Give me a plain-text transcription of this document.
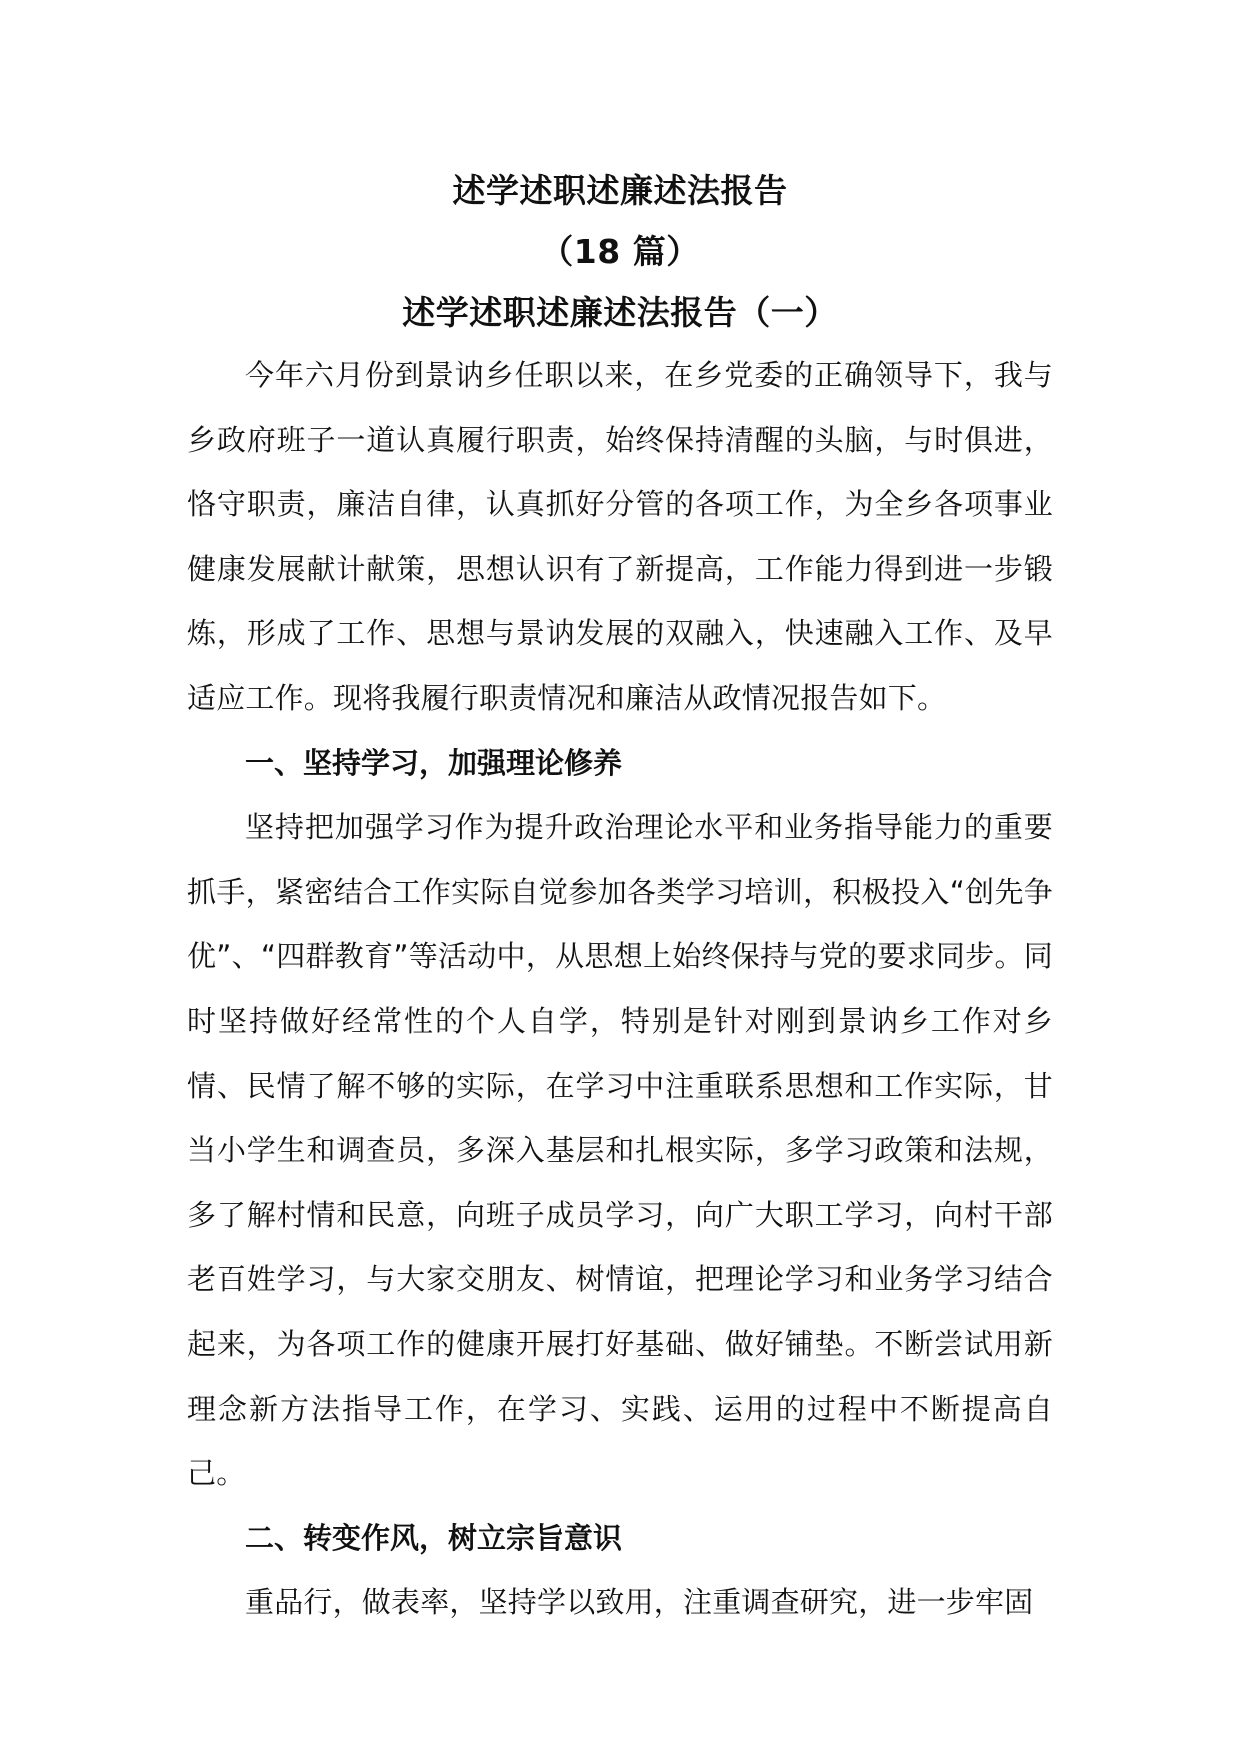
述学述职述廉述法报告
（18 篇）
述学述职述廉述法报告（一）

今年六月份到景讷乡任职以来，在乡党委的正确领导下，我与乡政府班子一道认真履行职责，始终保持清醒的头脑，与时俱进，恪守职责，廉洁自律，认真抓好分管的各项工作，为全乡各项事业健康发展献计献策，思想认识有了新提高，工作能力得到进一步锻炼，形成了工作、思想与景讷发展的双融入，快速融入工作、及早适应工作。现将我履行职责情况和廉洁从政情况报告如下。

一、坚持学习，加强理论修养

坚持把加强学习作为提升政治理论水平和业务指导能力的重要抓手，紧密结合工作实际自觉参加各类学习培训，积极投入“创先争优”、“四群教育”等活动中，从思想上始终保持与党的要求同步。同时坚持做好经常性的个人自学，特别是针对刚到景讷乡工作对乡情、民情了解不够的实际，在学习中注重联系思想和工作实际，甘当小学生和调查员，多深入基层和扎根实际，多学习政策和法规，多了解村情和民意，向班子成员学习，向广大职工学习，向村干部老百姓学习，与大家交朋友、树情谊，把理论学习和业务学习结合起来，为各项工作的健康开展打好基础、做好铺垫。不断尝试用新理念新方法指导工作，在学习、实践、运用的过程中不断提高自己。

二、转变作风，树立宗旨意识

重品行，做表率，坚持学以致用，注重调查研究，进一步牢固
